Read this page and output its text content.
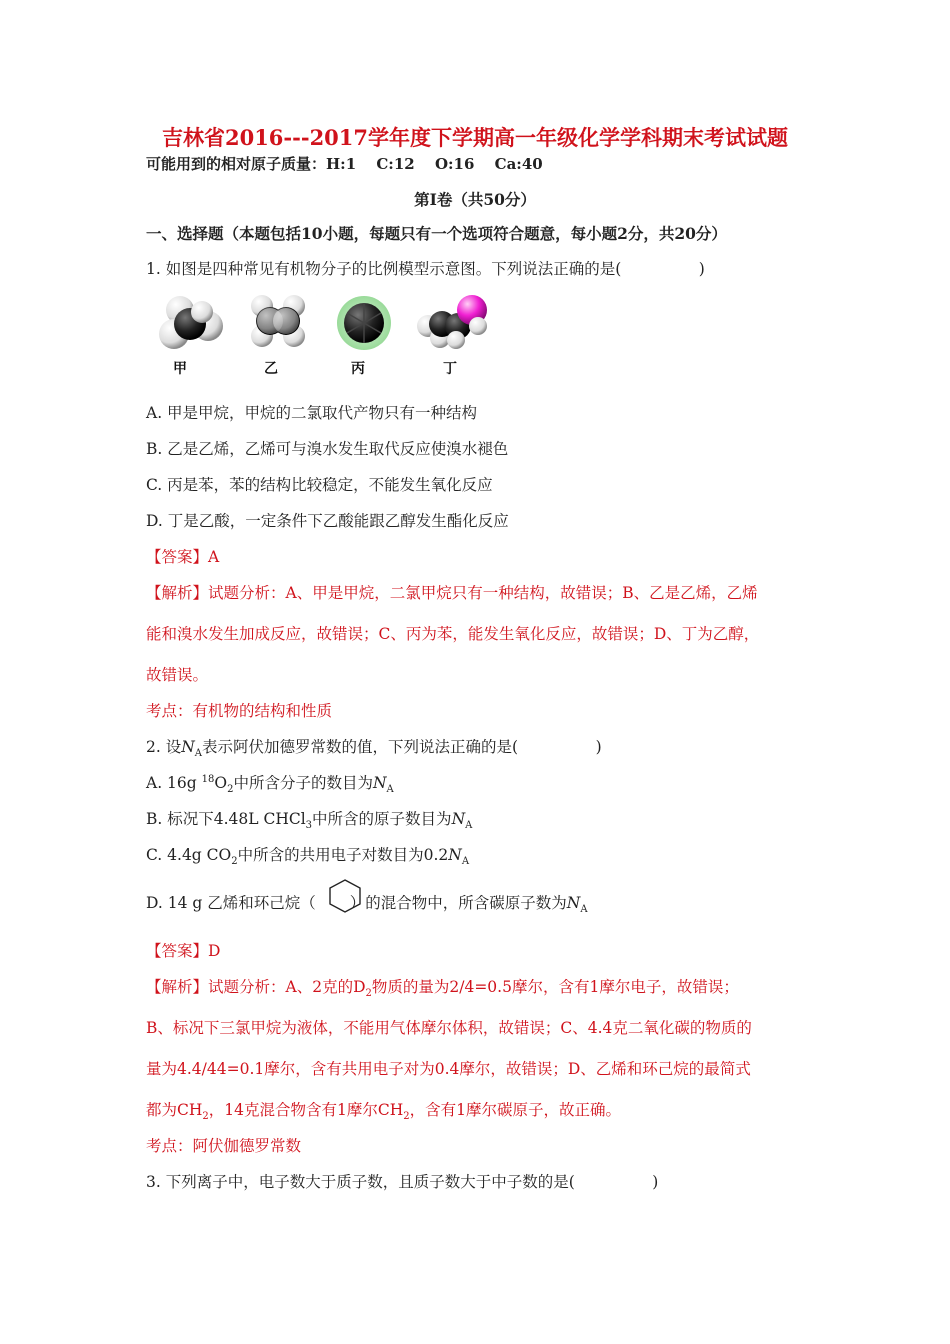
吉林省2016---2017学年度下学期高一年级化学学科期末考试试题
可能用到的相对原子质量：H:1　 C:12　 O:16　 Ca:40
第Ⅰ卷（共50分）
一、选择题（本题包括10小题，每题只有一个选项符合题意，每小题2分，共20分）
1. 如图是四种常见有机物分子的比例模型示意图。下列说法正确的是(　　　　　)
甲	乙	丙	丁
A. 甲是甲烷，甲烷的二氯取代产物只有一种结构
B. 乙是乙烯，乙烯可与溴水发生取代反应使溴水褪色
C. 丙是苯，苯的结构比较稳定，不能发生氧化反应
D. 丁是乙酸，一定条件下乙酸能跟乙醇发生酯化反应
【答案】A
【解析】试题分析：A、甲是甲烷，二氯甲烷只有一种结构，故错误；B、乙是乙烯，乙烯
能和溴水发生加成反应，故错误；C、丙为苯，能发生氧化反应，故错误；D、丁为乙醇，
故错误。
考点：有机物的结构和性质
2. 设$N_A$表示阿伏加德罗常数的值，下列说法正确的是(　　　　　)
A. 16g $^{18}O_2$中所含分子的数目为$N_A$
B. 标况下4.48L CHCl$_3$中所含的原子数目为$N_A$
C. 4.4g $CO_2$中所含的共用电子对数目为$0.2N_A$
D. 14 g 乙烯和环己烷（ ）的混合物中，所含碳原子数为$N_A$
【答案】D
【解析】试题分析：A、2克的$D_2$物质的量为2/4=0.5摩尔，含有1摩尔电子，故错误；
B、标况下三氯甲烷为液体，不能用气体摩尔体积，故错误；C、4.4克二氧化碳的物质的
量为4.4/44=0.1摩尔，含有共用电子对为0.4摩尔，故错误；D、乙烯和环己烷的最简式
都为$CH_2$，14克混合物含有1摩尔$CH_2$，含有1摩尔碳原子，故正确。
考点：阿伏伽德罗常数
3. 下列离子中，电子数大于质子数，且质子数大于中子数的是(　　　　　)
